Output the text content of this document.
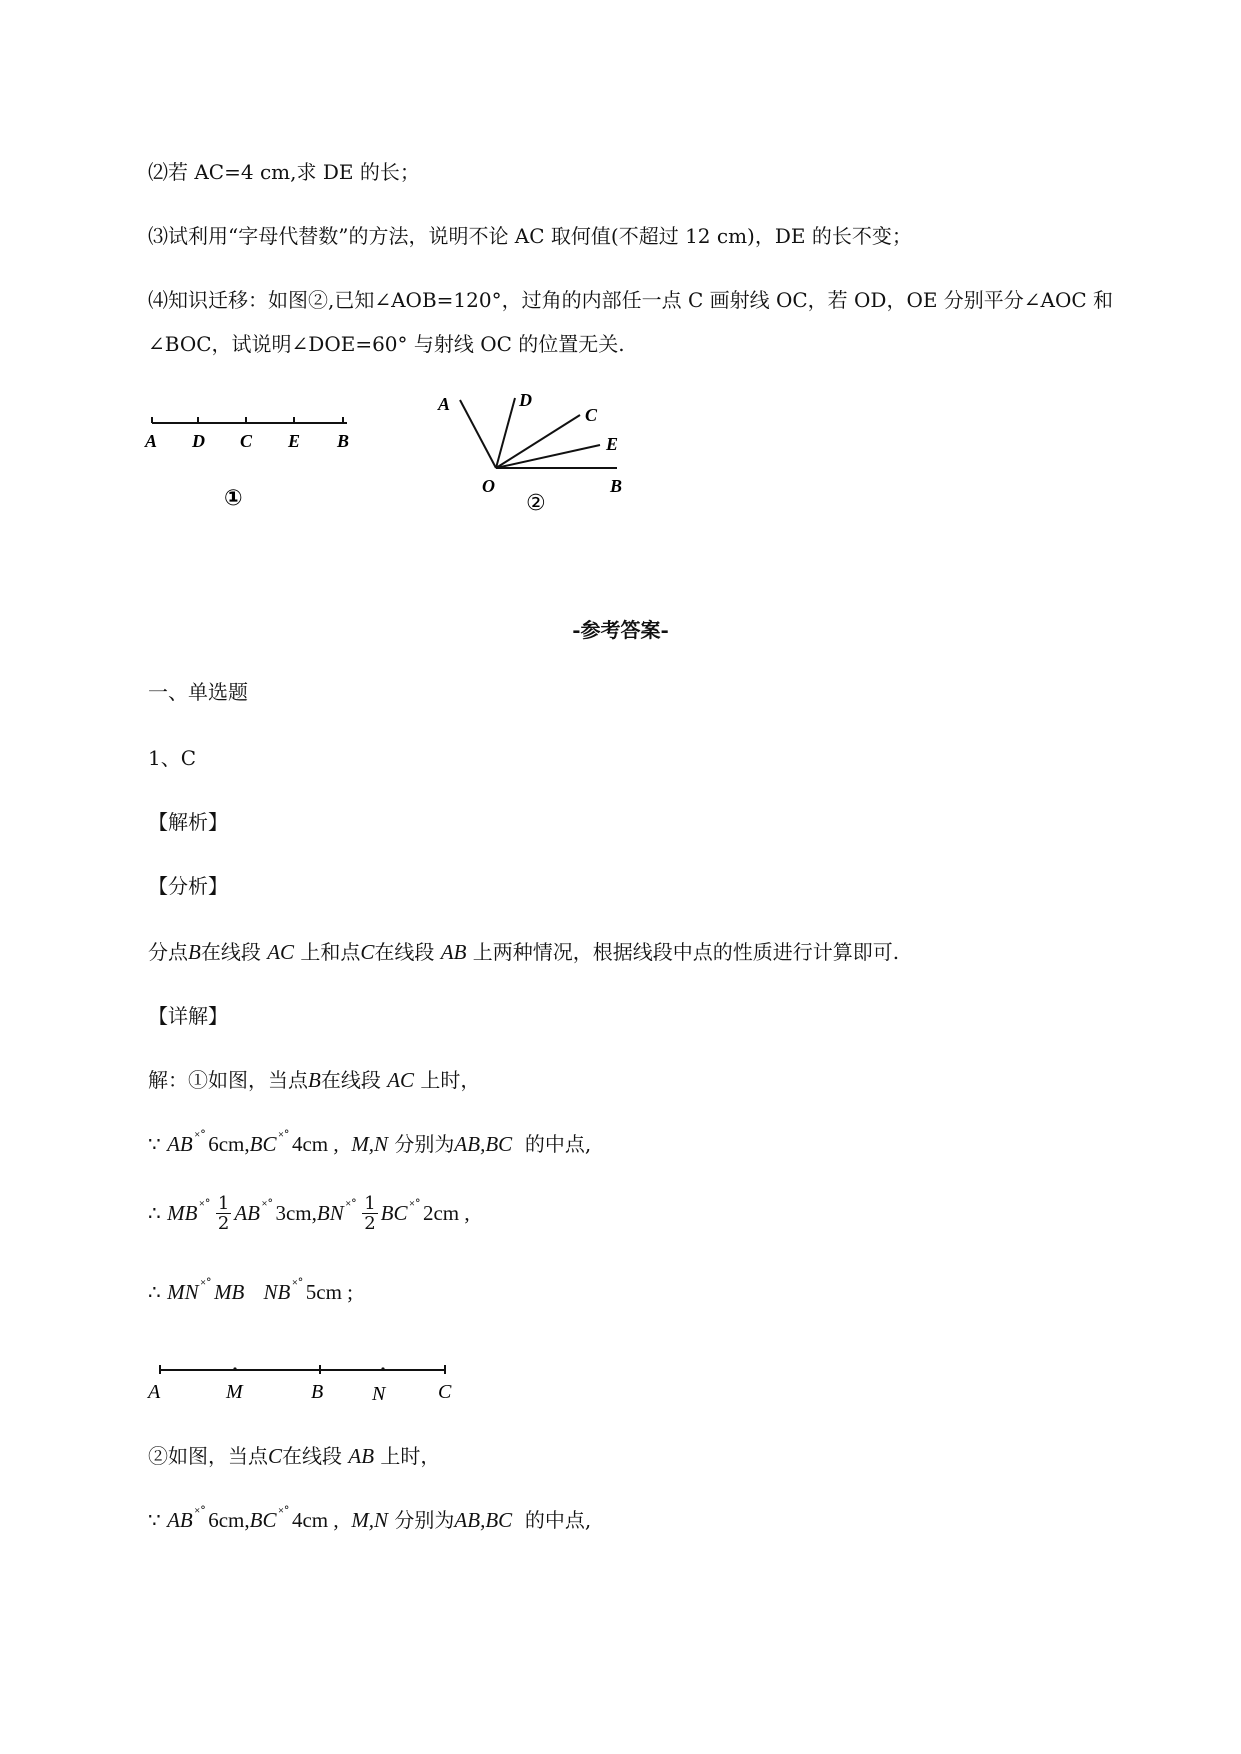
⑵若 AC=4 cm,求 DE 的长；
⑶试利用“字母代替数”的方法，说明不论 AC 取何值(不超过 12 cm)，DE 的长不变；
⑷知识迁移：如图②,已知∠AOB=120°，过角的内部任一点 C 画射线 OC，若 OD，OE 分别平分∠AOC 和
∠BOC，试说明∠DOE=60° 与射线 OC 的位置无关.
A D C E B
①
A	D
C
E
B
O
②
-参考答案-
一、单选题
1、C
【解析】
【分析】
分点B在线段 AC 上和点C在线段 AB 上两种情况，根据线段中点的性质进行计算即可.
【详解】
解：①如图，当点B在线段 AC 上时，
∵ AB ˟˚6cm,BC ˟˚4cm , M,N 分别为AB,BC 的中点,
∴ MB $^{˟˚} \frac{1}{2}$ AB ˟˚3cm,BN $^{˟˚} \frac{1}{2}$ BC ˟˚2cm ,
∴ MN ˟˚MB NB ˟˚5cm ;
A	M	B N	C
②如图，当点C在线段 AB 上时，
∵ AB ˟˚6cm,BC ˟˚4cm , M,N 分别为AB,BC 的中点,
